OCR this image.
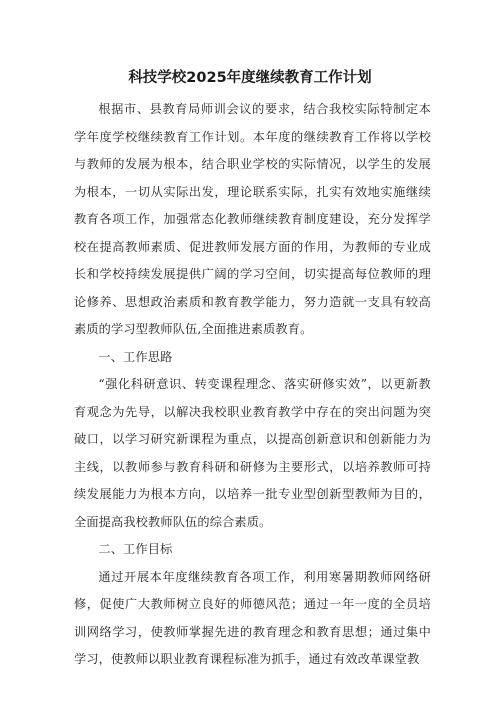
科技学校2025年度继续教育工作计划

根据市、县教育局师训会议的要求，结合我校实际特制定本学年度学校继续教育工作计划。本年度的继续教育工作将以学校与教师的发展为根本，结合职业学校的实际情况，以学生的发展为根本，一切从实际出发，理论联系实际，扎实有效地实施继续教育各项工作，加强常态化教师继续教育制度建设，充分发挥学校在提高教师素质、促进教师发展方面的作用，为教师的专业成长和学校持续发展提供广阔的学习空间，切实提高每位教师的理论修养、思想政治素质和教育教学能力，努力造就一支具有较高素质的学习型教师队伍,全面推进素质教育。

一、工作思路

“强化科研意识、转变课程理念、落实研修实效”，以更新教育观念为先导，以解决我校职业教育教学中存在的突出问题为突破口，以学习研究新课程为重点，以提高创新意识和创新能力为主线，以教师参与教育科研和研修为主要形式，以培养教师可持续发展能力为根本方向，以培养一批专业型创新型教师为目的，全面提高我校教师队伍的综合素质。

二、工作目标

通过开展本年度继续教育各项工作，利用寒暑期教师网络研修，促使广大教师树立良好的师德风范；通过一年一度的全员培训网络学习，使教师掌握先进的教育理念和教育思想；通过集中学习，使教师以职业教育课程标准为抓手，通过有效改革课堂教
